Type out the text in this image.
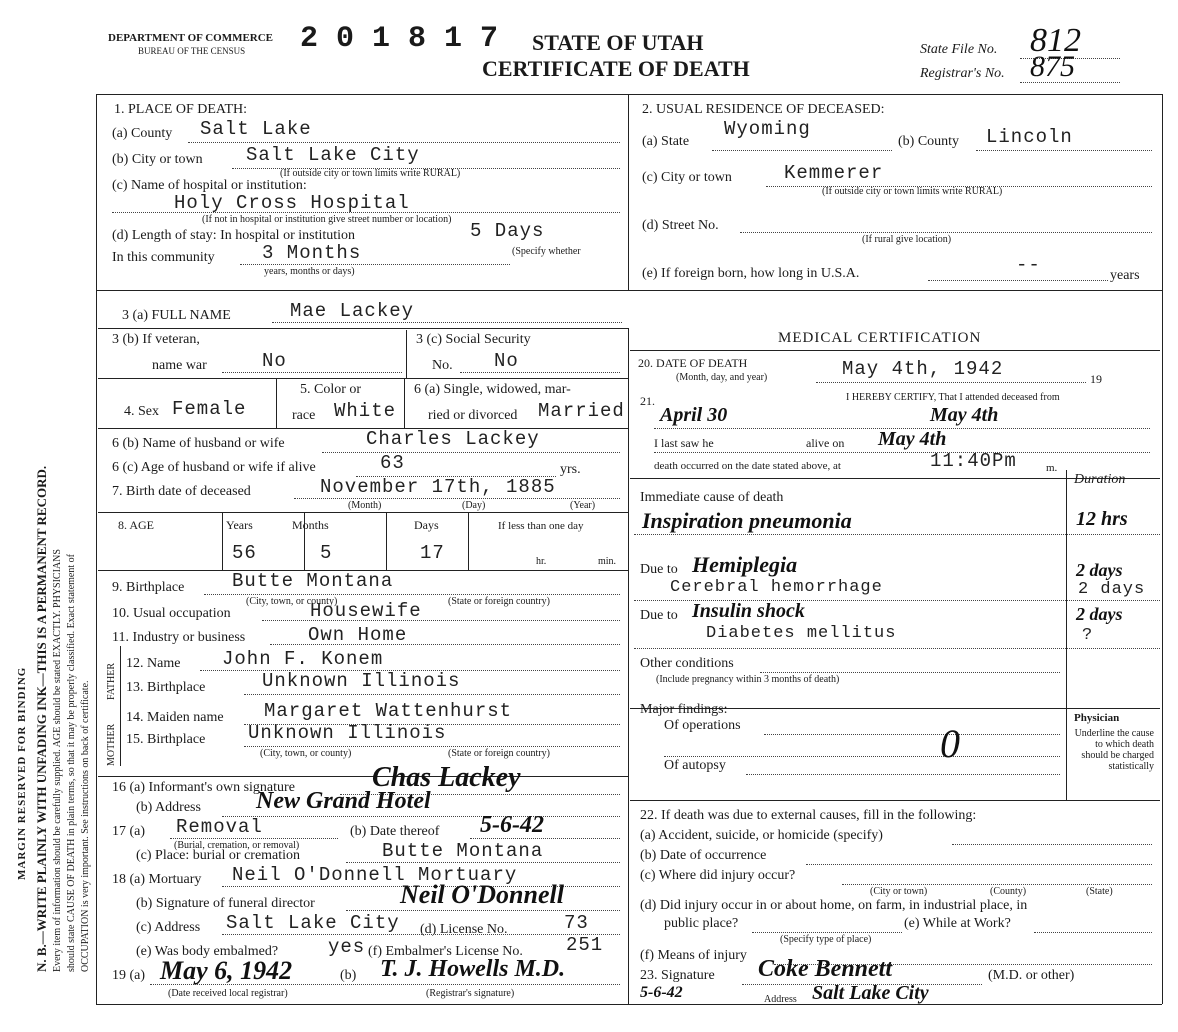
MARGIN RESERVED FOR BINDING N. B.—WRITE PLAINLY WITH UNFADING INK—THIS IS A PERMANENT RECORD. Every item of information should be carefully supplied. AGE should be stated EXACTLY. PHYSICIANS should state CAUSE OF DEATH in plain terms, so that it may be properly classified. Exact statement of OCCUPATION is very important. See instructions on back of certificate.
DEPARTMENT OF COMMERCE
BUREAU OF THE CENSUS 2 0 1 8 1 7 STATE OF UTAH
CERTIFICATE OF DEATH
State File No. 812
Registrar's No. 875
1. PLACE OF DEATH:
(a) County Salt Lake
(b) City or town Salt Lake City
(If outside city or town limits write RURAL)
(c) Name of hospital or institution:
Holy Cross Hospital
(If not in hospital or institution give street number or location)
(d) Length of stay: In hospital or institution	5 Days
In this community 3 Months	(Specify whether
years, months or days)
2. USUAL RESIDENCE OF DECEASED:
(a) State
Wyoming
(b) County Lincoln
(c) City or town	Kemmerer
(If outside city or town limits write RURAL)
(d) Street No.
(If rural give location)
(e) If foreign born, how long in U.S.A.	--	years
3 (a) FULL NAME	Mae Lackey
3 (b) If veteran,
name war	No
3 (c) Social Security
No. No
4. Sex Female
5. Color or
race White
6 (a) Single, widowed, mar-
ried or divorced Married
6 (b) Name of husband or wife	Charles Lackey
6 (c) Age of husband or wife if alive	63	yrs.
7. Birth date of deceased	November 17th, 1885
(Month)	(Day)	(Year)
8. AGE	Years	Months	Days	If less than one day
56	5	17	hr.	min.
9. Birthplace	Butte Montana
(City, town, or county)	(State or foreign country)
10. Usual occupation	Housewife
11. Industry or business	Own Home
FATHER 12. Name John F. Konem
13. Birthplace	Unknown Illinois
MOTHER
14. Maiden name Margaret Wattenhurst
15. Birthplace Unknown Illinois
(City, town, or county)	(State or foreign country)
16 (a) Informant's own signature	Chas Lackey
(b) Address New Grand Hotel
17 (a) Removal
(Burial, cremation, or removal)
(b) Date thereof 5-6-42
(c) Place: burial or cremation	Butte Montana
18 (a) Mortuary Neil O'Donnell Mortuary
(b) Signature of funeral director	Neil O'Donnell
(c) Address Salt Lake City (d) License No.	73
(e) Was body embalmed?	yes (f) Embalmer's License No. 251
19 (a) May 6, 1942	(b) T. J. Howells M.D.
(Date received local registrar)	(Registrar's signature)
MEDICAL CERTIFICATION
20. DATE OF DEATH
(Month, day, and year)	May 4th, 1942	19
21.	I HEREBY CERTIFY, That I attended deceased from
April 30	May 4th
I last saw he	alive on May 4th
death occurred on the date stated above, at	11:40Pm	m.
Duration
Immediate cause of death
Inspiration pneumonia	12 hrs
Due to Hemiplegia	2 days
Cerebral hemorrhage	2 days
Due to Insulin shock	2 days
Diabetes mellitus	?
Other conditions
(Include pregnancy within 3 months of death)
Major findings:
Of operations
Of autopsy	0
Physician
Underline the cause to which death should be charged statistically
22. If death was due to external causes, fill in the following:
(a) Accident, suicide, or homicide (specify)
(b) Date of occurrence
(c) Where did injury occur?
(City or town)	(County)	(State)
(d) Did injury occur in or about home, on farm, in industrial place, in
public place?
(Specify type of place)
(e) While at Work?
(f) Means of injury
23. Signature Coke Bennett	(M.D. or other)
5-6-42	Address Salt Lake City
